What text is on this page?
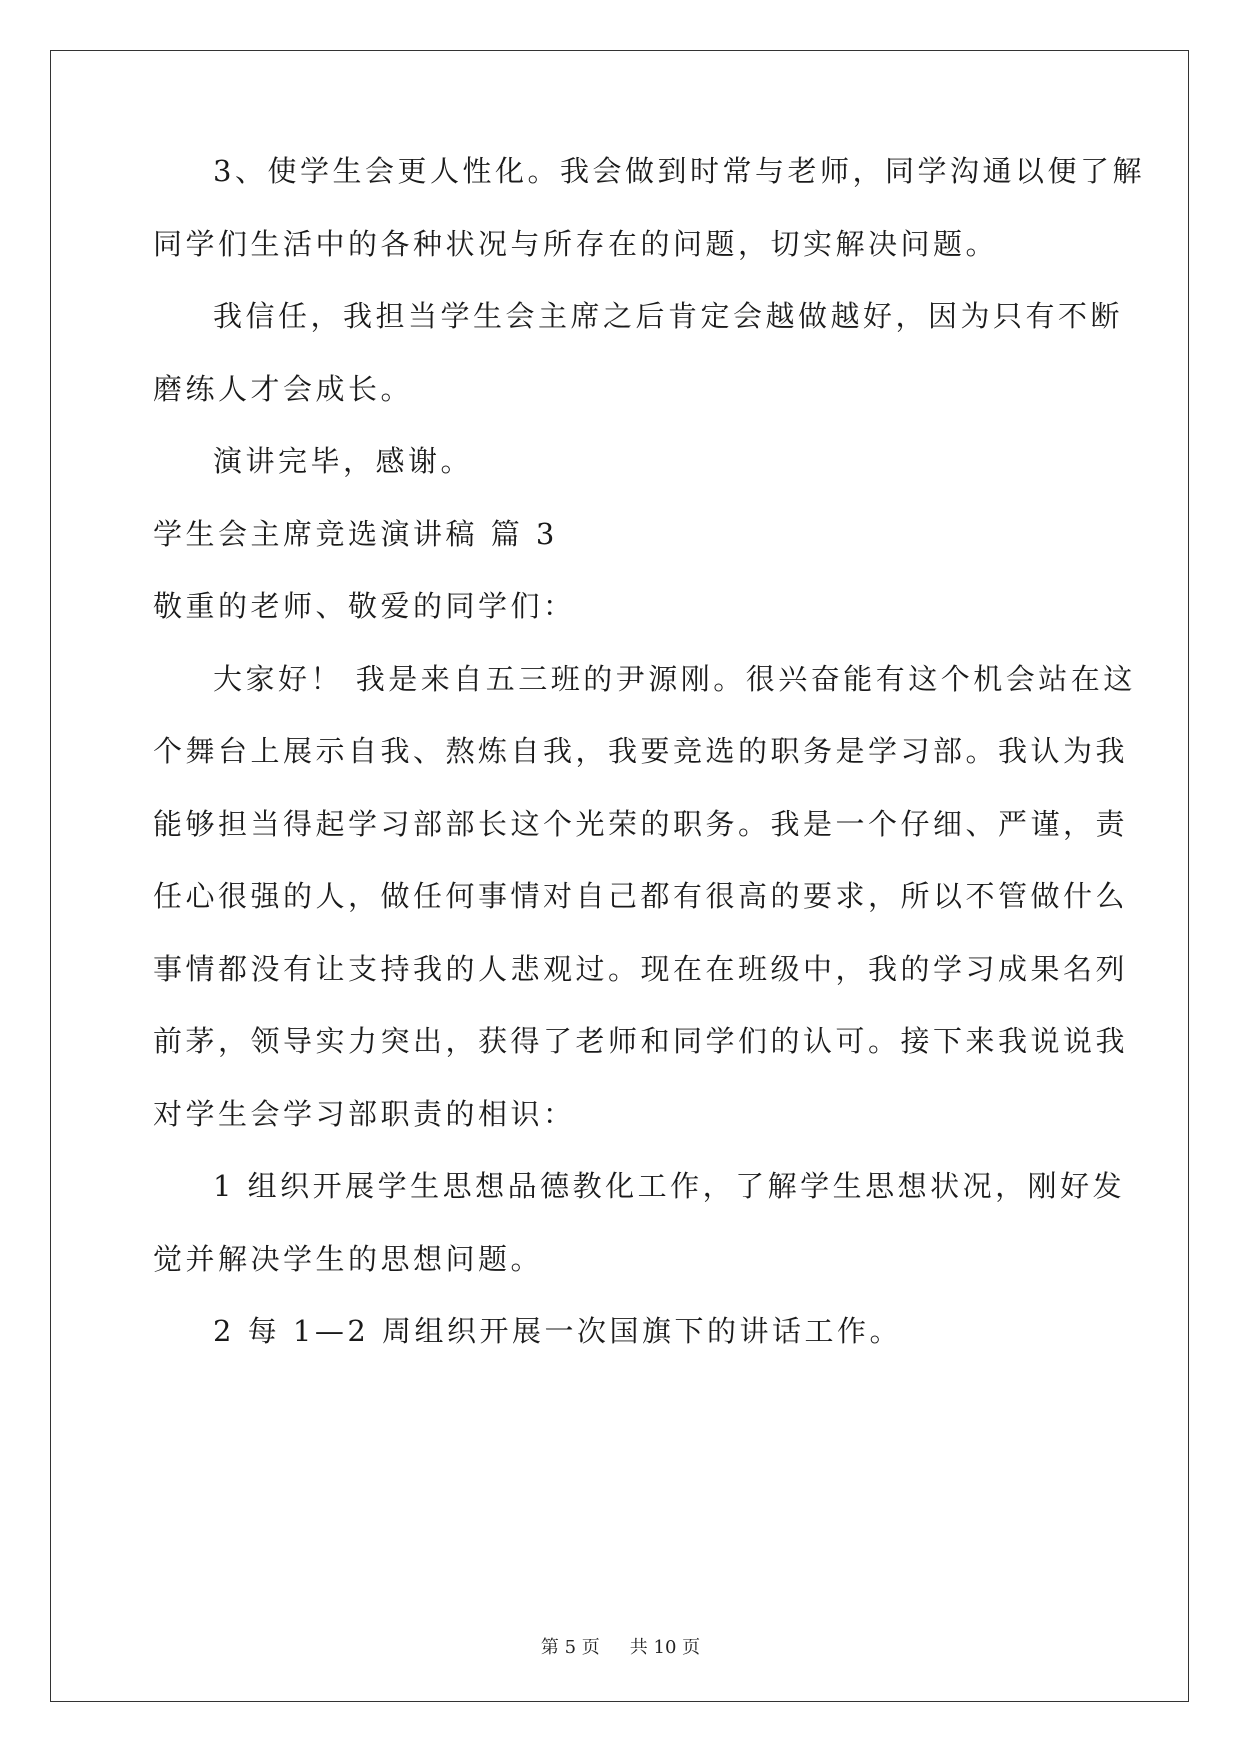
3、使学生会更人性化。我会做到时常与老师，同学沟通以便了解
同学们生活中的各种状况与所存在的问题，切实解决问题。
我信任，我担当学生会主席之后肯定会越做越好，因为只有不断
磨练人才会成长。
演讲完毕，感谢。
学生会主席竞选演讲稿 篇 3
敬重的老师、敬爱的同学们：
大家好！ 我是来自五三班的尹源刚。很兴奋能有这个机会站在这
个舞台上展示自我、熬炼自我，我要竞选的职务是学习部。我认为我
能够担当得起学习部部长这个光荣的职务。我是一个仔细、严谨，责
任心很强的人，做任何事情对自己都有很高的要求，所以不管做什么
事情都没有让支持我的人悲观过。现在在班级中，我的学习成果名列
前茅，领导实力突出，获得了老师和同学们的认可。接下来我说说我
对学生会学习部职责的相识：
1 组织开展学生思想品德教化工作，了解学生思想状况，刚好发
觉并解决学生的思想问题。
2 每 1—2 周组织开展一次国旗下的讲话工作。
第 5 页 共 10 页
